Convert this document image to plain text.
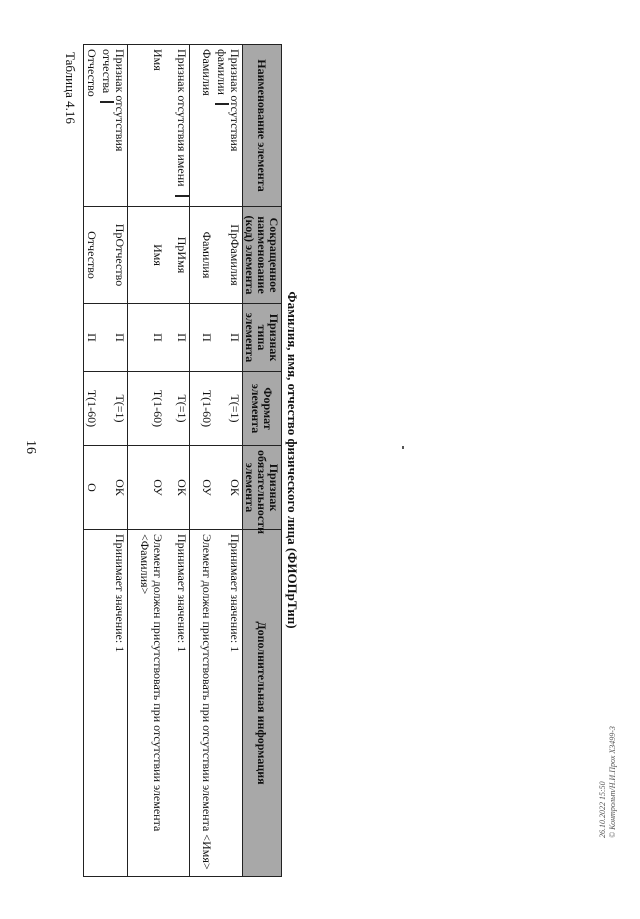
16
Таблица 4.16
Фамилия, имя, отчество физического лица (ФИОПрТип)
Наименование элемента	Сокращенное наименование (код) элемента	Признак типа элемента	Формат элемента	Признак обязательности элемента	Дополнительная информация
Признак отсутствия фамилии	ПрФамилия	П	Т(=1)	ОК	Принимает значение: 1

Фамилия	Фамилия	П	Т(1-60)	ОУ	Элемент должен присутствовать при отсутствии элемента <Имя>

Признак отсутствия имени	ПрИмя	П	Т(=1)	ОК	Принимает значение: 1

Имя	Имя	П	Т(1-60)	ОУ	Элемент должен присутствовать при отсутствии элемента <Фамилия>

Признак отсутствия отчества	ПрОтчество	П	Т(=1)	ОК	Принимает значение: 1

Отчество	Отчество	П	Т(1-60)	О	
26.10.2022 15:50 © Контрольт/Н.И.Прох Х3499-3
